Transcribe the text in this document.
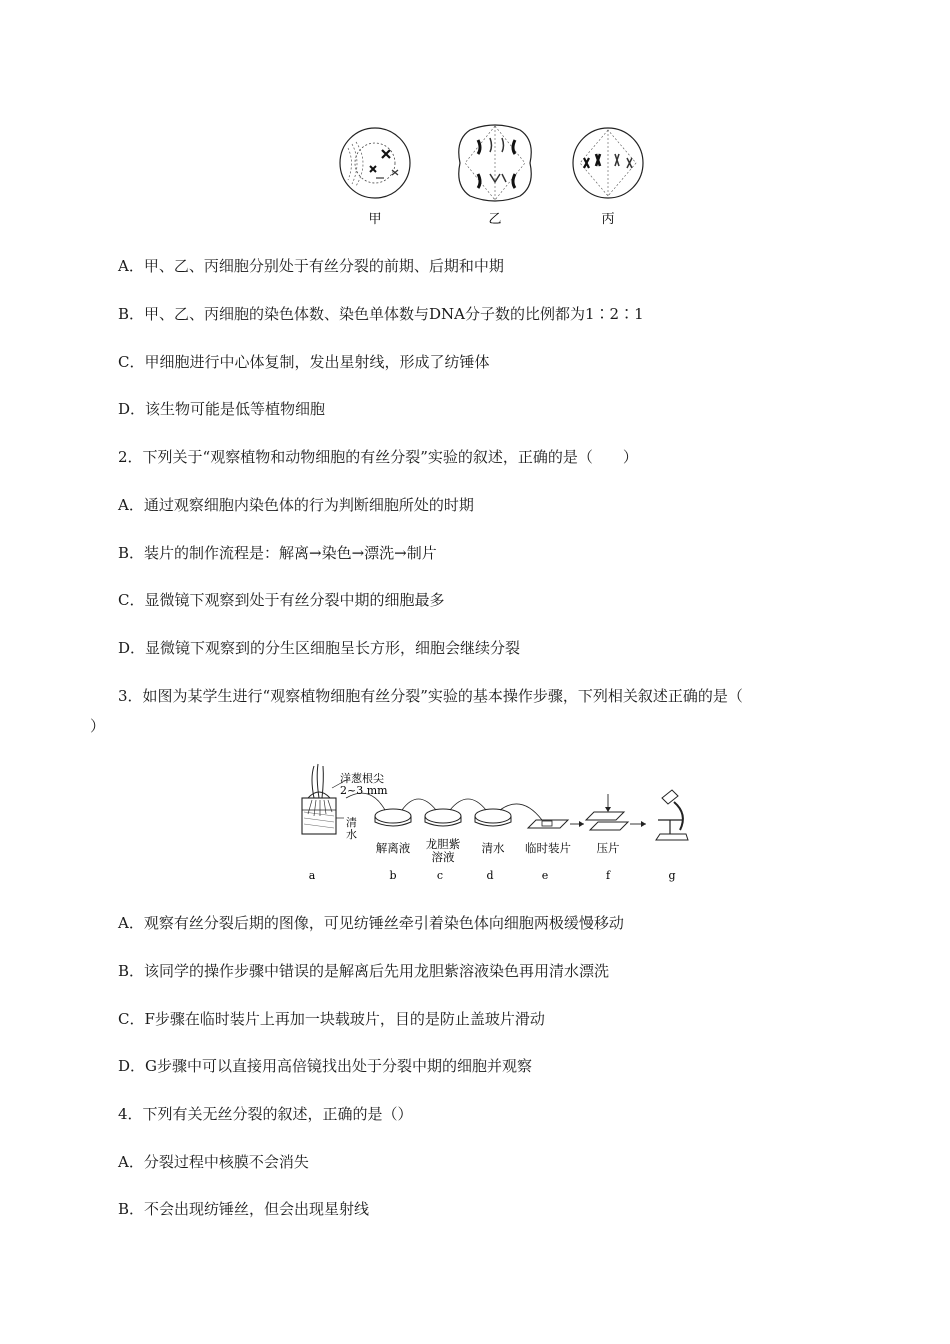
甲	乙	丙
A．甲、乙、丙细胞分别处于有丝分裂的前期、后期和中期
B．甲、乙、丙细胞的染色体数、染色单体数与DNA分子数的比例都为1∶2∶1
C．甲细胞进行中心体复制，发出星射线，形成了纺锤体
D．该生物可能是低等植物细胞
2．下列关于“观察植物和动物细胞的有丝分裂”实验的叙述，正确的是（　　）
A．通过观察细胞内染色体的行为判断细胞所处的时期
B．装片的制作流程是：解离→染色→漂洗→制片
C．显微镜下观察到处于有丝分裂中期的细胞最多
D．显微镜下观察到的分生区细胞呈长方形，细胞会继续分裂
3．如图为某学生进行“观察植物细胞有丝分裂”实验的基本操作步骤，下列相关叙述正确的是（
）
洋葱根尖
2~3 mm
清
水
解离液 龙胆紫
溶液
清水 临时装片 压片
a	b	c	d	e	f	g
A．观察有丝分裂后期的图像，可见纺锤丝牵引着染色体向细胞两极缓慢移动
B．该同学的操作步骤中错误的是解离后先用龙胆紫溶液染色再用清水漂洗
C．F步骤在临时装片上再加一块载玻片，目的是防止盖玻片滑动
D．G步骤中可以直接用高倍镜找出处于分裂中期的细胞并观察
4．下列有关无丝分裂的叙述，正确的是（）
A．分裂过程中核膜不会消失
B．不会出现纺锤丝，但会出现星射线
